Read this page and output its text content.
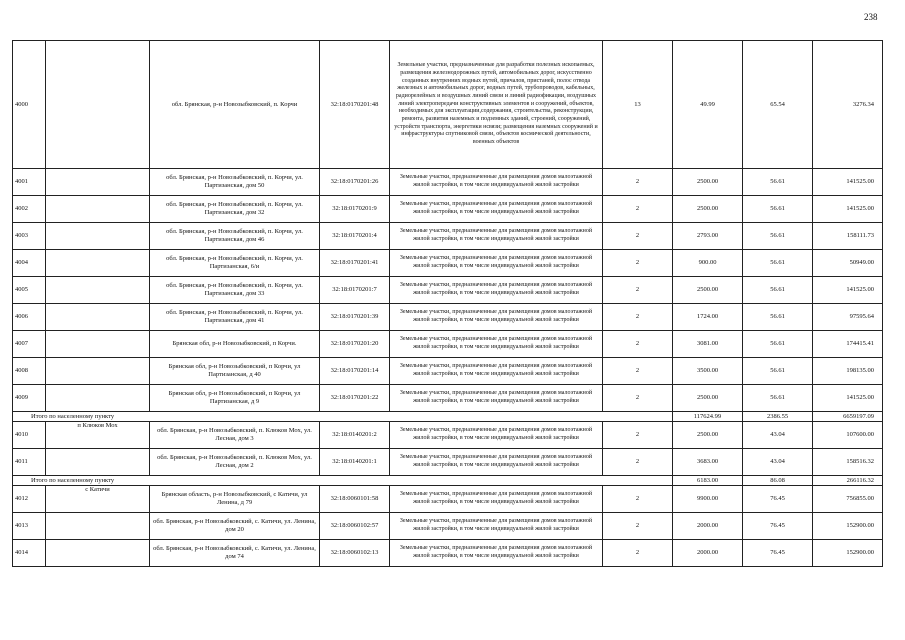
238
4000		обл. Брянская, р-н Новозыбковский, п. Корчи	32:18:0170201:48	Земельные участки, предназначенные для разработки полезных ископаемых, размещения железнодорожных путей, автомобильных дорог, искусственно созданных внутренних водных путей, причалов, пристаней, полос отвода железных и автомобильных дорог, водных путей, трубопроводов, кабельных, радиорелейных и воздушных линий связи и линий радиофикации, воздушных линий электропередачи конструктивных элементов и сооружений, объектов, необходимых для эксплуатации,содержания, строительства, реконструкции, ремонта, развития наземных и подземных зданий, строений, сооружений, устройств транспорта, энергетики нсвязи; размещения наземных сооружений и инфраструктуры спутниковой связи, объектов космической деятельности, военных объектов	13	49.99	65.54	3276.34
4001		обл. Брянская, р-н Новозыбковский, п. Корчи, ул. Партизанская, дом 50	32:18:0170201:26	Земельные участки, предназначенные для размещения домов малоэтажной жилой застройки, в том числе индивидуальной жилой застройки	2	2500.00	56.61	141525.00
4002		обл. Брянская, р-н Новозыбковский, п. Корчи, ул. Партизанская, дом 32	32:18:0170201:9	Земельные участки, предназначенные для размещения домов малоэтажной жилой застройки, в том числе индивидуальной жилой застройки	2	2500.00	56.61	141525.00
4003		обл. Брянская, р-н Новозыбковский, п. Корчи, ул. Партизанская, дом 46	32:18:0170201:4	Земельные участки, предназначенные для размещения домов малоэтажной жилой застройки, в том числе индивидуальной жилой застройки	2	2793.00	56.61	158111.73
4004		обл. Брянская, р-н Новозыбковский, п. Корчи, ул. Партизанская, 6/и	32:18:0170201:41	Земельные участки, предназначенные для размещения домов малоэтажной жилой застройки, в том числе индивидуальной жилой застройки	2	900.00	56.61	50949.00
4005		обл. Брянская, р-н Новозыбковский, п. Корчи, ул. Партизанская, дом 33	32:18:0170201:7	Земельные участки, предназначенные для размещения домов малоэтажной жилой застройки, в том числе индивидуальной жилой застройки	2	2500.00	56.61	141525.00
4006		обл. Брянская, р-н Новозыбковский, п. Корчи, ул. Партизанская, дом 41	32:18:0170201:39	Земельные участки, предназначенные для размещения домов малоэтажной жилой застройки, в том числе индивидуальной жилой застройки	2	1724.00	56.61	97595.64
4007		Брянская обл, р-н Новозыбковский, п Корчи.	32:18:0170201:20	Земельные участки, предназначенные для размещения домов малоэтажной жилой застройки, в том числе индивидуальной жилой застройки	2	3081.00	56.61	174415.41
4008		Брянская обл, р-н Новозыбковский, п Корчи, ул Партизанская, д 40	32:18:0170201:14	Земельные участки, предназначенные для размещения домов малоэтажной жилой застройки, в том числе индивидуальной жилой застройки	2	3500.00	56.61	198135.00
4009		Брянская обл, р-н Новозыбковский, п Корчи, ул Партизанская, д 9	32:18:0170201:22	Земельные участки, предназначенные для размещения домов малоэтажной жилой застройки, в том числе индивидуальной жилой застройки	2	2500.00	56.61	141525.00
Итого по населенному пункту						117624.99	2386.55	6659197.09
4010	п Клюков Мох	обл. Брянская, р-н Новозыбковский, п. Клюков Мох, ул. Лесная, дом 3	32:18:0140201:2	Земельные участки, предназначенные для размещения домов малоэтажной жилой застройки, в том числе индивидуальной жилой застройки	2	2500.00	43.04	107600.00
4011		обл. Брянская, р-н Новозыбковский, п. Клюков Мох, ул. Лесная, дом 2	32:18:0140201:1	Земельные участки, предназначенные для размещения домов малоэтажной жилой застройки, в том числе индивидуальной жилой застройки	2	3683.00	43.04	158516.32
Итого по населенному пункту						6183.00	86.08	266116.32
4012	с Катичи	Брянская область, р-н Новозыбковский, с Катичи, ул Ленина, д 79	32:18:0060101:58	Земельные участки, предназначенные для размещения домов малоэтажной жилой застройки, в том числе индивидуальной жилой застройки	2	9900.00	76.45	756855.00
4013		обл. Брянская, р-н Новозыбковский, с. Катичи, ул. Ленина, дом 20	32:18:0060102:57	Земельные участки, предназначенные для размещения домов малоэтажной жилой застройки, в том числе индивидуальной жилой застройки	2	2000.00	76.45	152900.00
4014		обл. Брянская, р-н Новозыбковский, с. Катичи, ул. Ленина, дом 74	32:18:0060102:13	Земельные участки, предназначенные для размещения домов малоэтажной жилой застройки, в том числе индивидуальной жилой застройки	2	2000.00	76.45	152900.00
